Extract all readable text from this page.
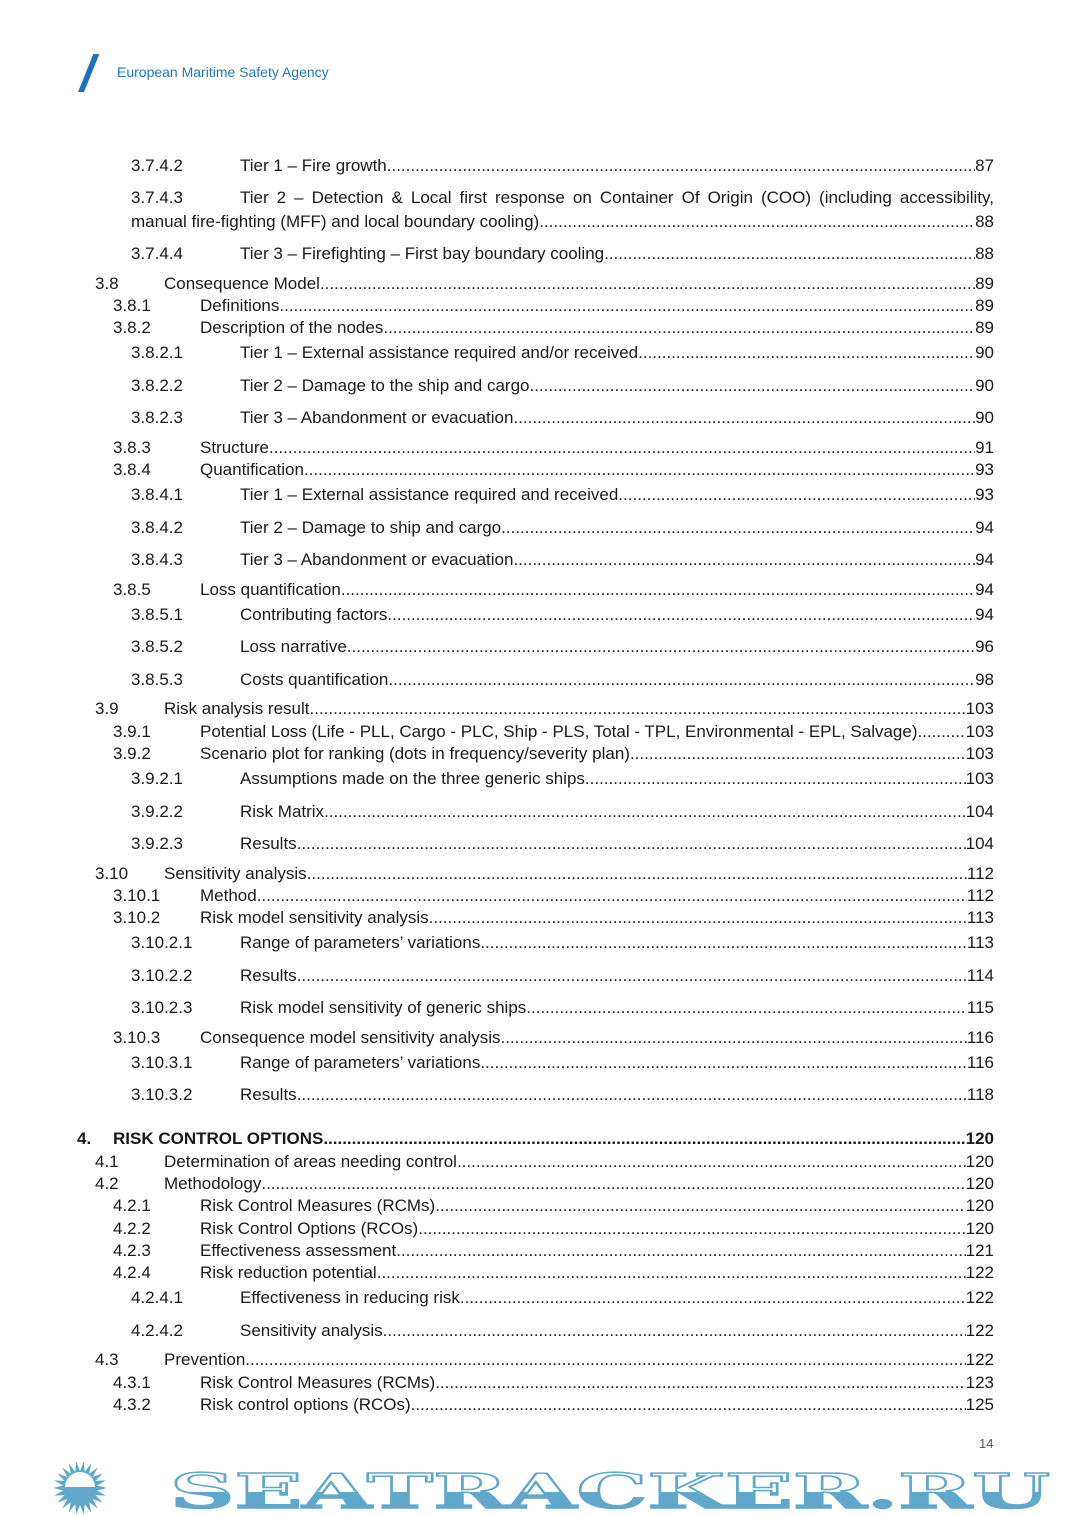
European Maritime Safety Agency
3.7.4.2	Tier 1 – Fire growth .....	87
3.7.4.3	Tier 2 – Detection & Local first response on Container Of Origin (COO) (including accessibility,
manual fire-fighting (MFF) and local boundary cooling) .....	88
3.7.4.4	Tier 3 – Firefighting – First bay boundary cooling .....	88
3.8	Consequence Model .....	89
3.8.1	Definitions .....	89
3.8.2	Description of the nodes .....	89
3.8.2.1	Tier 1 – External assistance required and/or received .....	90
3.8.2.2	Tier 2 – Damage to the ship and cargo .....	90
3.8.2.3	Tier 3 – Abandonment or evacuation .....	90
3.8.3	Structure .....	91
3.8.4	Quantification .....	93
3.8.4.1	Tier 1 – External assistance required and received .....	93
3.8.4.2	Tier 2 – Damage to ship and cargo .....	94
3.8.4.3	Tier 3 – Abandonment or evacuation .....	94
3.8.5	Loss quantification .....	94
3.8.5.1	Contributing factors .....	94
3.8.5.2	Loss narrative .....	96
3.8.5.3	Costs quantification .....	98
3.9	Risk analysis result .....	103
3.9.1	Potential Loss (Life - PLL, Cargo - PLC, Ship - PLS, Total - TPL, Environmental - EPL, Salvage) .....	103
3.9.2	Scenario plot for ranking (dots in frequency/severity plan) .....	103
3.9.2.1	Assumptions made on the three generic ships .....	103
3.9.2.2	Risk Matrix .....	104
3.9.2.3	Results .....	104
3.10 Sensitivity analysis .....	112
3.10.1 Method .....	112
3.10.2 Risk model sensitivity analysis .....	113
3.10.2.1	Range of parameters’ variations .....	113
3.10.2.2	Results .....	114
3.10.2.3	Risk model sensitivity of generic ships .....	115
3.10.3 Consequence model sensitivity analysis .....	116
3.10.3.1	Range of parameters’ variations .....	116
3.10.3.2	Results .....	118
4. RISK CONTROL OPTIONS .....	120
4.1	Determination of areas needing control .....	120
4.2	Methodology .....	120
4.2.1	Risk Control Measures (RCMs) .....	120
4.2.2	Risk Control Options (RCOs) .....	120
4.2.3	Effectiveness assessment .....	121
4.2.4	Risk reduction potential .....	122
4.2.4.1	Effectiveness in reducing risk .....	122
4.2.4.2	Sensitivity analysis .....	122
4.3	Prevention .....	122
4.3.1	Risk Control Measures (RCMs) .....	123
4.3.2	Risk control options (RCOs) .....	125
14
SEATRACKER.RU
